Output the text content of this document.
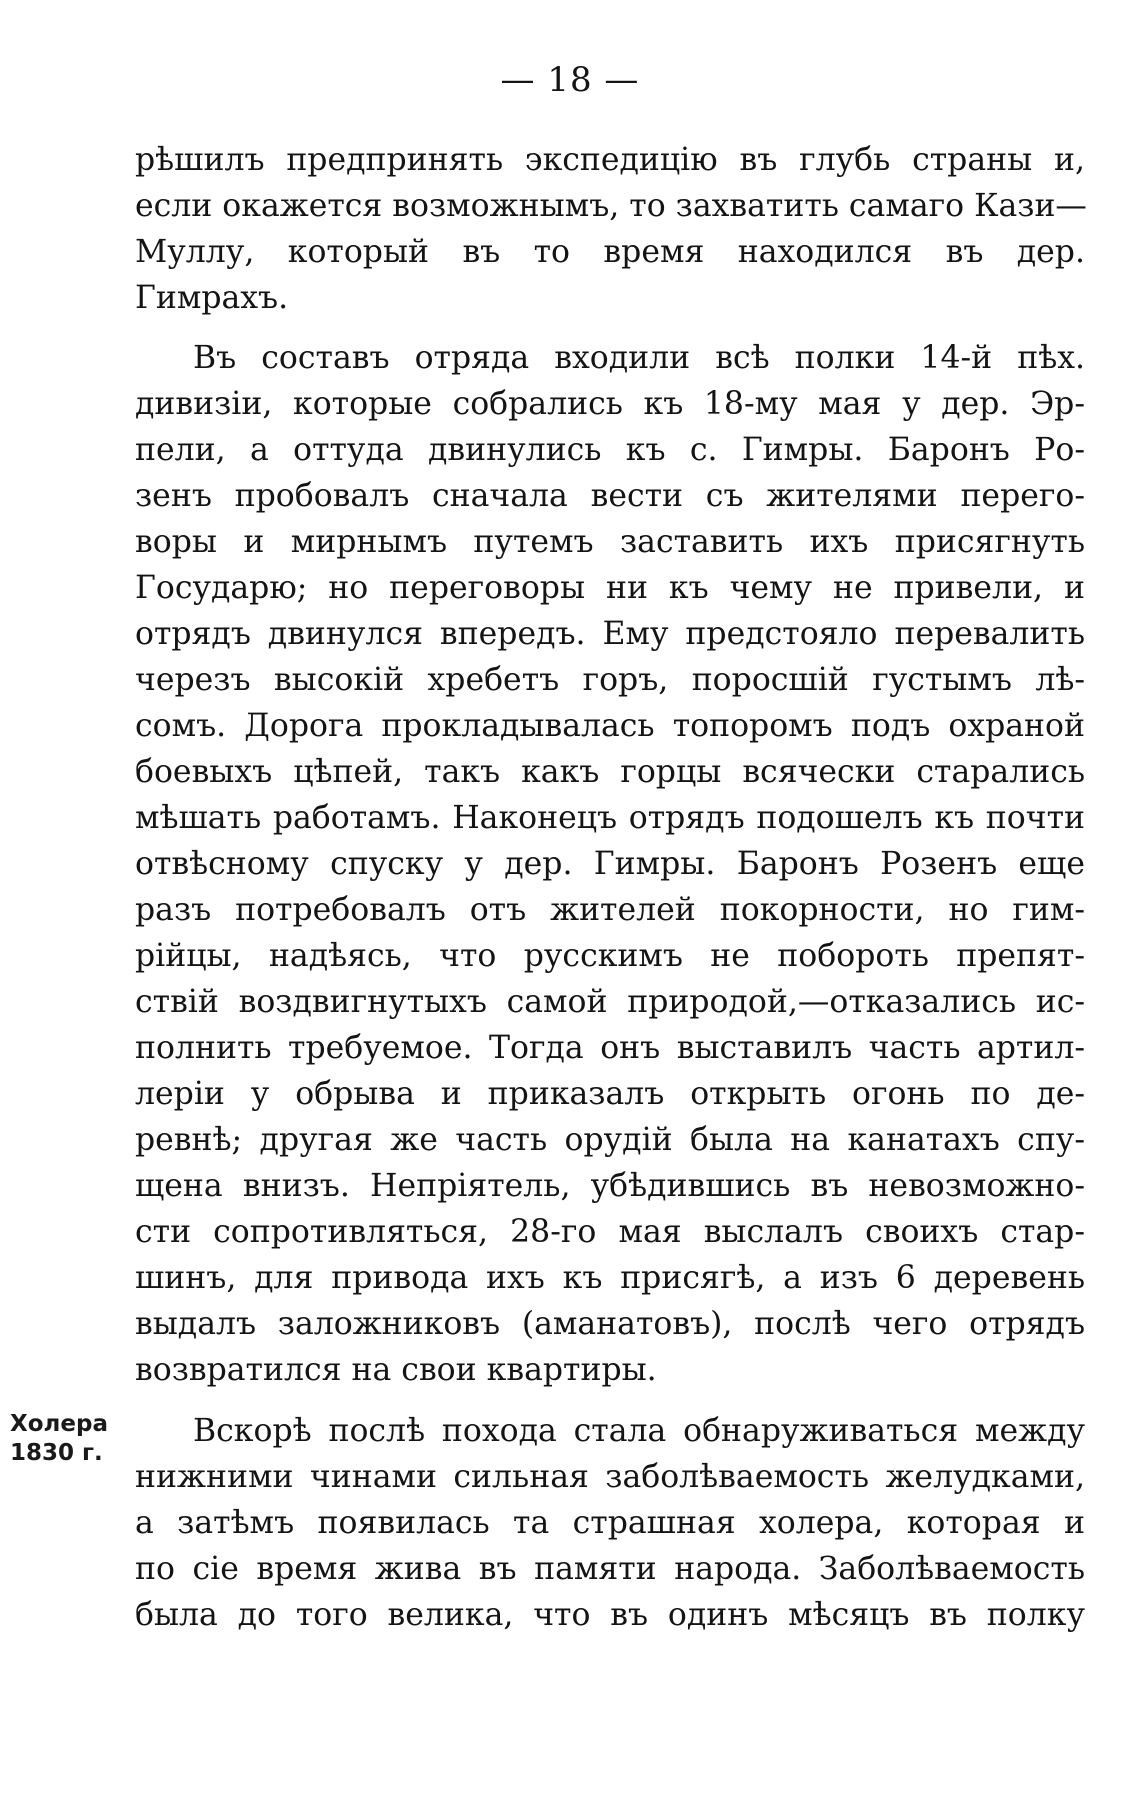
— 18 —
Холера
1830 г.
рѣшилъ предпринять экспедицію въ глубь страны и,
если окажется возможнымъ, то захватить самаго Кази—
Муллу, который въ то время находился въ дер.
Гимрахъ.
Въ составъ отряда входили всѣ полки 14-й пѣх.
дивизіи, которые собрались къ 18-му мая у дер. Эр-
пели, а оттуда двинулись къ с. Гимры. Баронъ Ро-
зенъ пробовалъ сначала вести съ жителями перего-
воры и мирнымъ путемъ заставить ихъ присягнуть
Государю; но переговоры ни къ чему не привели, и
отрядъ двинулся впередъ. Ему предстояло перевалить
черезъ высокій хребетъ горъ, поросшій густымъ лѣ-
сомъ. Дорога прокладывалась топоромъ подъ охраной
боевыхъ цѣпей, такъ какъ горцы всячески старались
мѣшать работамъ. Наконецъ отрядъ подошелъ къ почти
отвѣсному спуску у дер. Гимры. Баронъ Розенъ еще
разъ потребовалъ отъ жителей покорности, но гим-
рійцы, надѣясь, что русскимъ не побороть препят-
ствій воздвигнутыхъ самой природой,—отказались ис-
полнить требуемое. Тогда онъ выставилъ часть артил-
леріи у обрыва и приказалъ открыть огонь по де-
ревнѣ; другая же часть орудій была на канатахъ спу-
щена внизъ. Непріятель, убѣдившись въ невозможно-
сти сопротивляться, 28-го мая выслалъ своихъ стар-
шинъ, для привода ихъ къ присягѣ, а изъ 6 деревень
выдалъ заложниковъ (аманатовъ), послѣ чего отрядъ
возвратился на свои квартиры.
Вскорѣ послѣ похода стала обнаруживаться между
нижними чинами сильная заболѣваемость желудками,
а затѣмъ появилась та страшная холера, которая и
по сіе время жива въ памяти народа. Заболѣваемость
была до того велика, что въ одинъ мѣсяцъ въ полку
